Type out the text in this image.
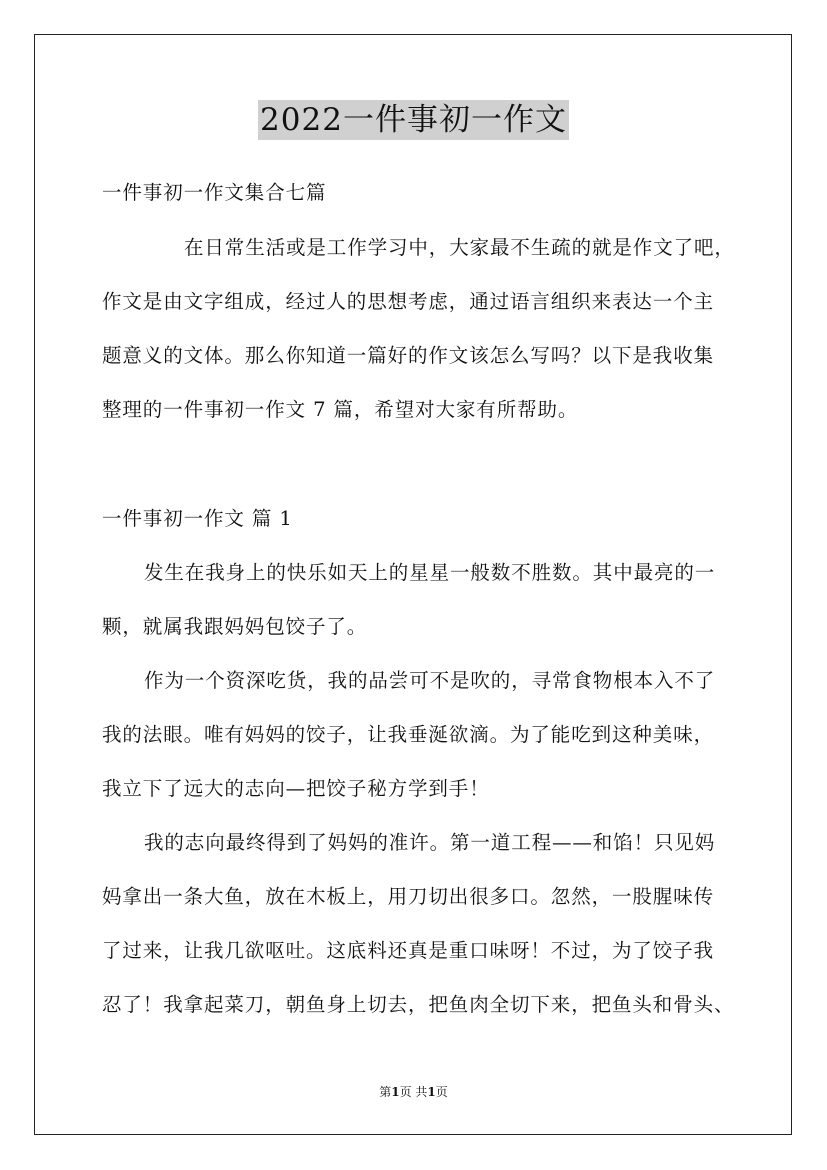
2022一件事初一作文
一件事初一作文集合七篇
在日常生活或是工作学习中，大家最不生疏的就是作文了吧，
作文是由文字组成，经过人的思想考虑，通过语言组织来表达一个主
题意义的文体。那么你知道一篇好的作文该怎么写吗？以下是我收集
整理的一件事初一作文 7 篇，希望对大家有所帮助。
一件事初一作文 篇 1
发生在我身上的快乐如天上的星星一般数不胜数。其中最亮的一
颗，就属我跟妈妈包饺子了。
作为一个资深吃货，我的品尝可不是吹的，寻常食物根本入不了
我的法眼。唯有妈妈的饺子，让我垂涎欲滴。为了能吃到这种美味，
我立下了远大的志向—把饺子秘方学到手！
我的志向最终得到了妈妈的准许。第一道工程——和馅！只见妈
妈拿出一条大鱼，放在木板上，用刀切出很多口。忽然，一股腥味传
了过来，让我几欲呕吐。这底料还真是重口味呀！不过，为了饺子我
忍了！我拿起菜刀，朝鱼身上切去，把鱼肉全切下来，把鱼头和骨头、
第1页 共1页
